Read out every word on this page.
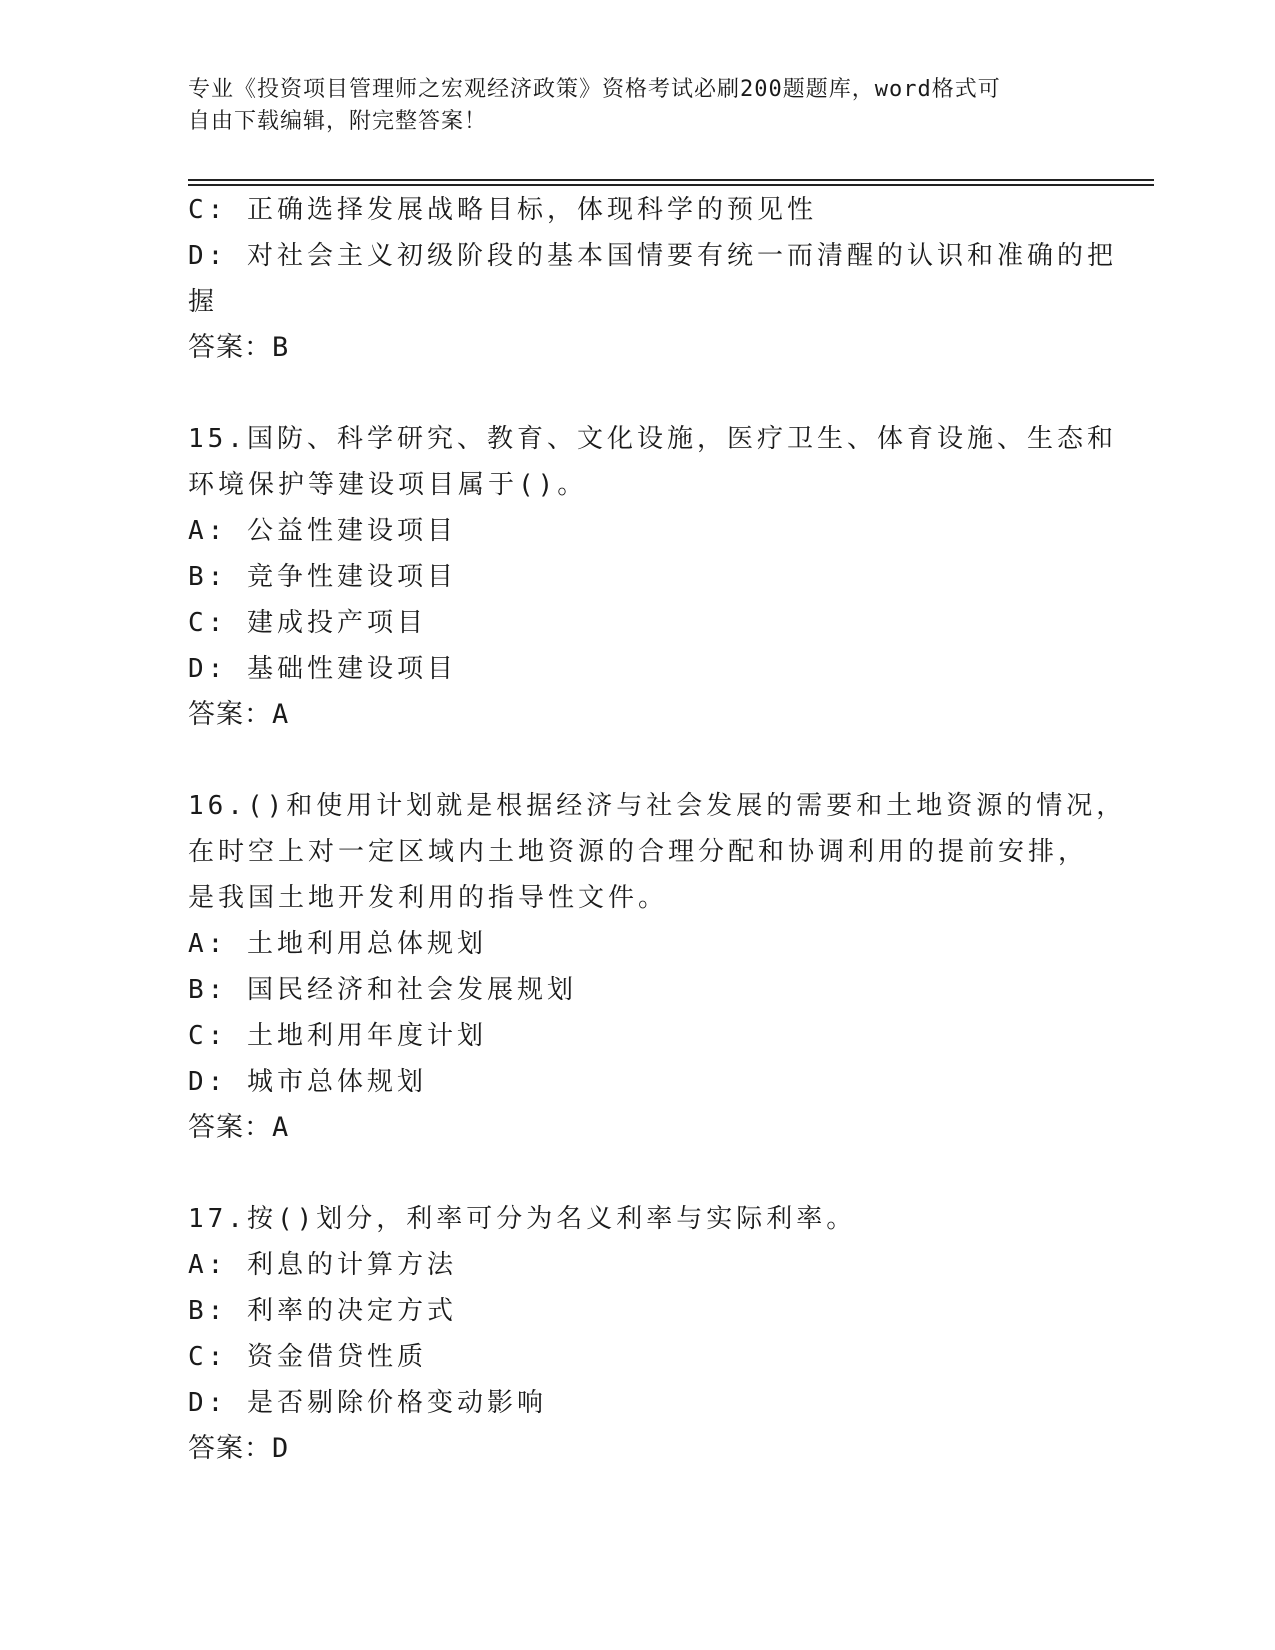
专业《投资项目管理师之宏观经济政策》资格考试必刷200题题库，word格式可
自由下载编辑，附完整答案！
C: 正确选择发展战略目标，体现科学的预见性
D: 对社会主义初级阶段的基本国情要有统一而清醒的认识和准确的把
握
答案：B
15.国防、科学研究、教育、文化设施，医疗卫生、体育设施、生态和
环境保护等建设项目属于()。
A: 公益性建设项目
B: 竞争性建设项目
C: 建成投产项目
D: 基础性建设项目
答案：A
16.()和使用计划就是根据经济与社会发展的需要和土地资源的情况，
在时空上对一定区域内土地资源的合理分配和协调利用的提前安排，
是我国土地开发利用的指导性文件。
A: 土地利用总体规划
B: 国民经济和社会发展规划
C: 土地利用年度计划
D: 城市总体规划
答案：A
17.按()划分，利率可分为名义利率与实际利率。
A: 利息的计算方法
B: 利率的决定方式
C: 资金借贷性质
D: 是否剔除价格变动影响
答案：D
